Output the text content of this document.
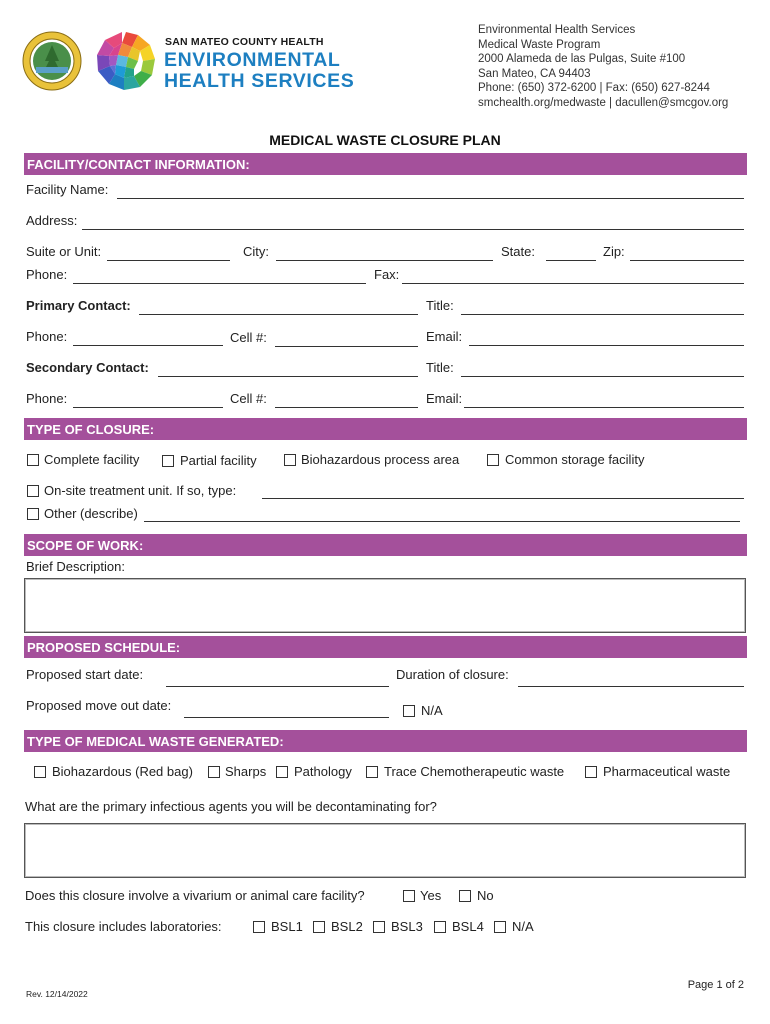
SAN MATEO COUNTY HEALTH
ENVIRONMENTAL
HEALTH SERVICES
Environmental Health Services
Medical Waste Program
2000 Alameda de las Pulgas, Suite #100
San Mateo, CA 94403
Phone: (650) 372-6200 | Fax: (650) 627-8244
smchealth.org/medwaste | dacullen@smcgov.org
MEDICAL WASTE CLOSURE PLAN
FACILITY/CONTACT INFORMATION:
Facility Name:
Address:
Suite or Unit:	City:	State:	Zip:
Phone:	Fax:
Primary Contact:	Title:
Phone:	Cell #:	Email:
Secondary Contact:	Title:
Phone:	Cell #:	Email:
TYPE OF CLOSURE:
Complete facility	Partial facility	Biohazardous process area	Common storage facility
On-site treatment unit. If so, type:
Other (describe)
SCOPE OF WORK:
Brief Description:
PROPOSED SCHEDULE:
Proposed start date:	Duration of closure:
Proposed move out date:	N/A
TYPE OF MEDICAL WASTE GENERATED:
Biohazardous (Red bag) Sharps Pathology Trace Chemotherapeutic waste	Pharmaceutical waste
What are the primary infectious agents you will be decontaminating for?
Does this closure involve a vivarium or animal care facility?	Yes	No
This closure includes laboratories:	BSL1 BSL2 BSL3 BSL4 N/A
Page 1 of 2
Rev. 12/14/2022
